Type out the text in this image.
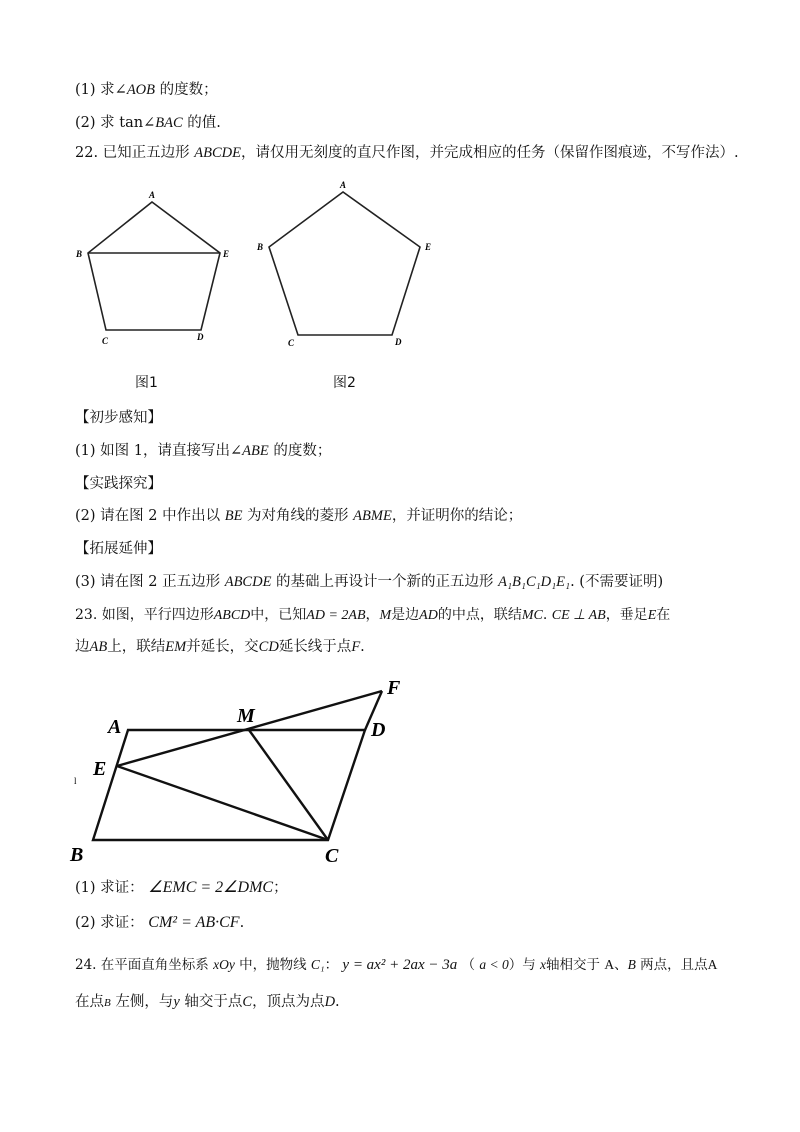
(1) 求∠AOB 的度数；
(2) 求 tan∠BAC 的值.
22. 已知正五边形 ABCDE，请仅用无刻度的直尺作图，并完成相应的任务（保留作图痕迹，不写作法）.
A
B
C	D
E
图1
A
B
C	D
E
图2
【初步感知】
(1) 如图 1，请直接写出∠ABE 的度数；
【实践探究】
(2) 请在图 2 中作出以 BE 为对角线的菱形 ABME，并证明你的结论；
【拓展延伸】
(3) 请在图 2 正五边形 ABCDE 的基础上再设计一个新的正五边形 A₁B₁C₁D₁E₁. (不需要证明)
23. 如图，平行四边形ABCD中，已知AD = 2AB，M是边AD的中点，联结MC. CE ⊥ AB，垂足E在
边AB上，联结EM并延长，交CD延长线于点F.
A	M
D
F
E
B	C
l
(1) 求证： ∠EMC = 2∠DMC；
(2) 求证： CM² = AB·CF.
24. 在平面直角坐标系 xOy 中，抛物线 C₁： y = ax² + 2ax − 3a （ a < 0）与 x轴相交于 A、B 两点，且点A
在点B 左侧，与y 轴交于点C，顶点为点D.
